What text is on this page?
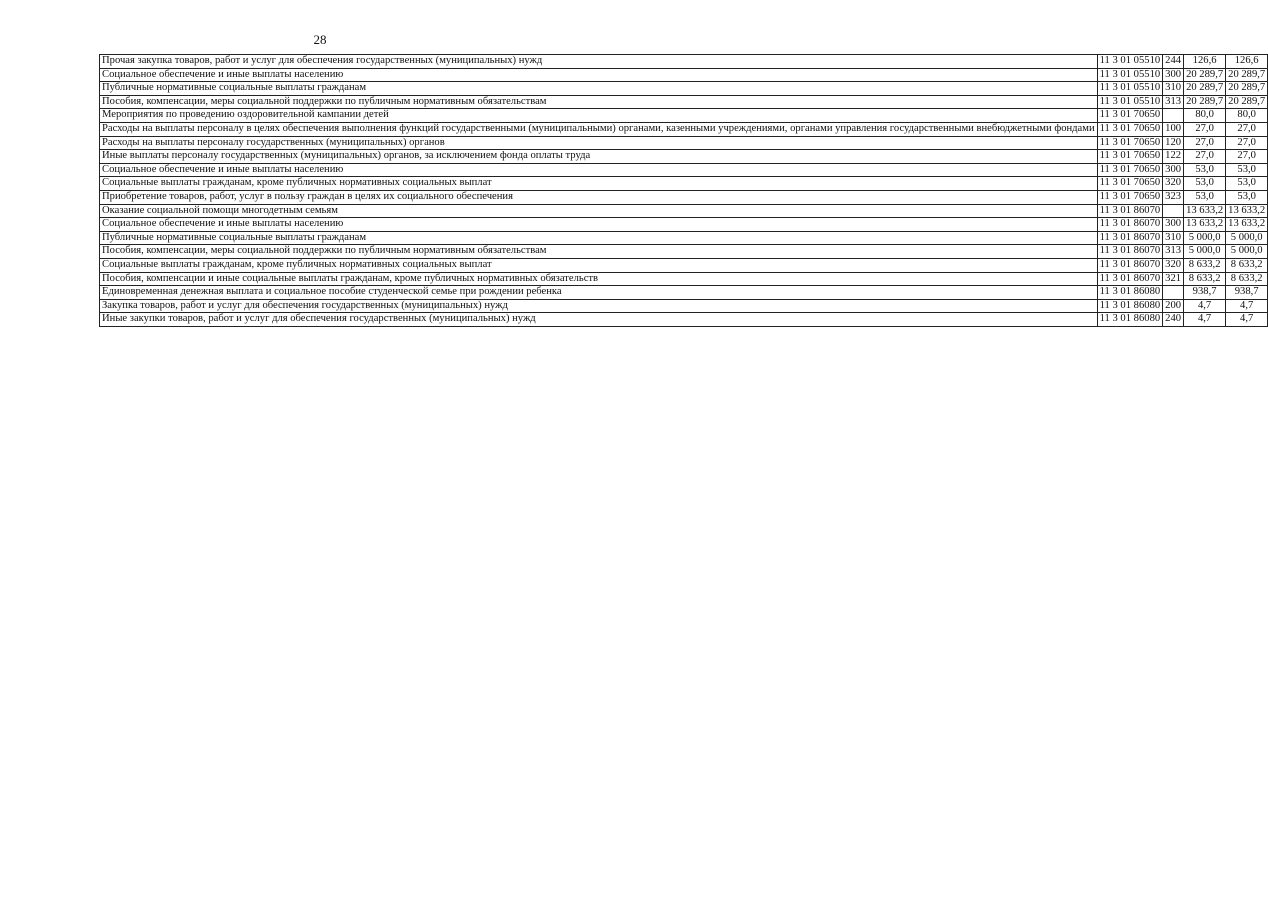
28
Прочая закупка товаров, работ и услуг для обеспечения государственных (муниципальных) нужд	11 3 01 05510	244	126,6	126,6
Социальное обеспечение и иные выплаты населению	11 3 01 05510	300	20 289,7	20 289,7
Публичные нормативные социальные выплаты гражданам	11 3 01 05510	310	20 289,7	20 289,7
Пособия, компенсации, меры социальной поддержки по публичным нормативным обязательствам	11 3 01 05510	313	20 289,7	20 289,7
Мероприятия по проведению оздоровительной кампании детей	11 3 01 70650		80,0	80,0
Расходы на выплаты персоналу в целях обеспечения выполнения функций государственными (муниципальными) органами, казенными учреждениями, органами управления государственными внебюджетными фондами	11 3 01 70650	100	27,0	27,0
Расходы на выплаты персоналу государственных (муниципальных) органов	11 3 01 70650	120	27,0	27,0
Иные выплаты персоналу государственных (муниципальных) органов, за исключением фонда оплаты труда	11 3 01 70650	122	27,0	27,0
Социальное обеспечение и иные выплаты населению	11 3 01 70650	300	53,0	53,0
Социальные выплаты гражданам, кроме публичных нормативных социальных выплат	11 3 01 70650	320	53,0	53,0
Приобретение товаров, работ, услуг в пользу граждан в целях их социального обеспечения	11 3 01 70650	323	53,0	53,0
Оказание социальной помощи многодетным семьям	11 3 01 86070		13 633,2	13 633,2
Социальное обеспечение и иные выплаты населению	11 3 01 86070	300	13 633,2	13 633,2
Публичные нормативные социальные выплаты гражданам	11 3 01 86070	310	5 000,0	5 000,0
Пособия, компенсации, меры социальной поддержки по публичным нормативным обязательствам	11 3 01 86070	313	5 000,0	5 000,0
Социальные выплаты гражданам, кроме публичных нормативных социальных выплат	11 3 01 86070	320	8 633,2	8 633,2
Пособия, компенсации и иные социальные выплаты гражданам, кроме публичных нормативных обязательств	11 3 01 86070	321	8 633,2	8 633,2
Единовременная денежная выплата и социальное пособие студенческой семье при рождении ребенка	11 3 01 86080		938,7	938,7
Закупка товаров, работ и услуг для обеспечения государственных (муниципальных) нужд	11 3 01 86080	200	4,7	4,7
Иные закупки товаров, работ и услуг для обеспечения государственных (муниципальных) нужд	11 3 01 86080	240	4,7	4,7
